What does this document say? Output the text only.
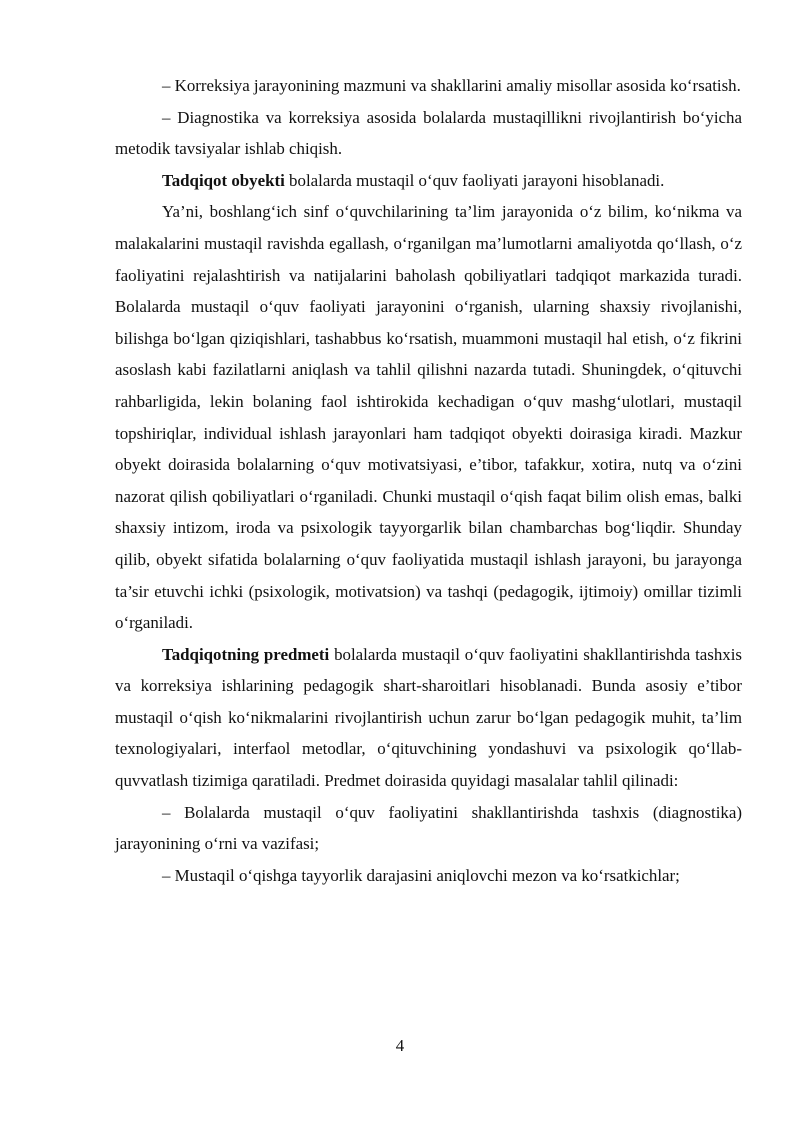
– Korreksiya jarayonining mazmuni va shakllarini amaliy misollar asosida ko‘rsatish.

– Diagnostika va korreksiya asosida bolalarda mustaqillikni rivojlantirish bo‘yicha metodik tavsiyalar ishlab chiqish.

Tadqiqot obyekti bolalarda mustaqil o‘quv faoliyati jarayoni hisoblanadi.

Ya’ni, boshlang‘ich sinf o‘quvchilarining ta’lim jarayonida o‘z bilim, ko‘nikma va malakalarini mustaqil ravishda egallash, o‘rganilgan ma’lumotlarni amaliyotda qo‘llash, o‘z faoliyatini rejalashtirish va natijalarini baholash qobiliyatlari tadqiqot markazida turadi. Bolalarda mustaqil o‘quv faoliyati jarayonini o‘rganish, ularning shaxsiy rivojlanishi, bilishga bo‘lgan qiziqishlari, tashabbus ko‘rsatish, muammoni mustaqil hal etish, o‘z fikrini asoslash kabi fazilatlarni aniqlash va tahlil qilishni nazarda tutadi. Shuningdek, o‘qituvchi rahbarligida, lekin bolaning faol ishtirokida kechadigan o‘quv mashg‘ulotlari, mustaqil topshiriqlar, individual ishlash jarayonlari ham tadqiqot obyekti doirasiga kiradi. Mazkur obyekt doirasida bolalarning o‘quv motivatsiyasi, e’tibor, tafakkur, xotira, nutq va o‘zini nazorat qilish qobiliyatlari o‘rganiladi. Chunki mustaqil o‘qish faqat bilim olish emas, balki shaxsiy intizom, iroda va psixologik tayyorgarlik bilan chambarchas bog‘liqdir. Shunday qilib, obyekt sifatida bolalarning o‘quv faoliyatida mustaqil ishlash jarayoni, bu jarayonga ta’sir etuvchi ichki (psixologik, motivatsion) va tashqi (pedagogik, ijtimoiy) omillar tizimli o‘rganiladi.

Tadqiqotning predmeti bolalarda mustaqil o‘quv faoliyatini shakllantirishda tashxis va korreksiya ishlarining pedagogik shart-sharoitlari hisoblanadi. Bunda asosiy e’tibor mustaqil o‘qish ko‘nikmalarini rivojlantirish uchun zarur bo‘lgan pedagogik muhit, ta’lim texnologiyalari, interfaol metodlar, o‘qituvchining yondashuvi va psixologik qo‘llab-quvvatlash tizimiga qaratiladi. Predmet doirasida quyidagi masalalar tahlil qilinadi:

– Bolalarda mustaqil o‘quv faoliyatini shakllantirishda tashxis (diagnostika) jarayonining o‘rni va vazifasi;

– Mustaqil o‘qishga tayyorlik darajasini aniqlovchi mezon va ko‘rsatkichlar;

4
